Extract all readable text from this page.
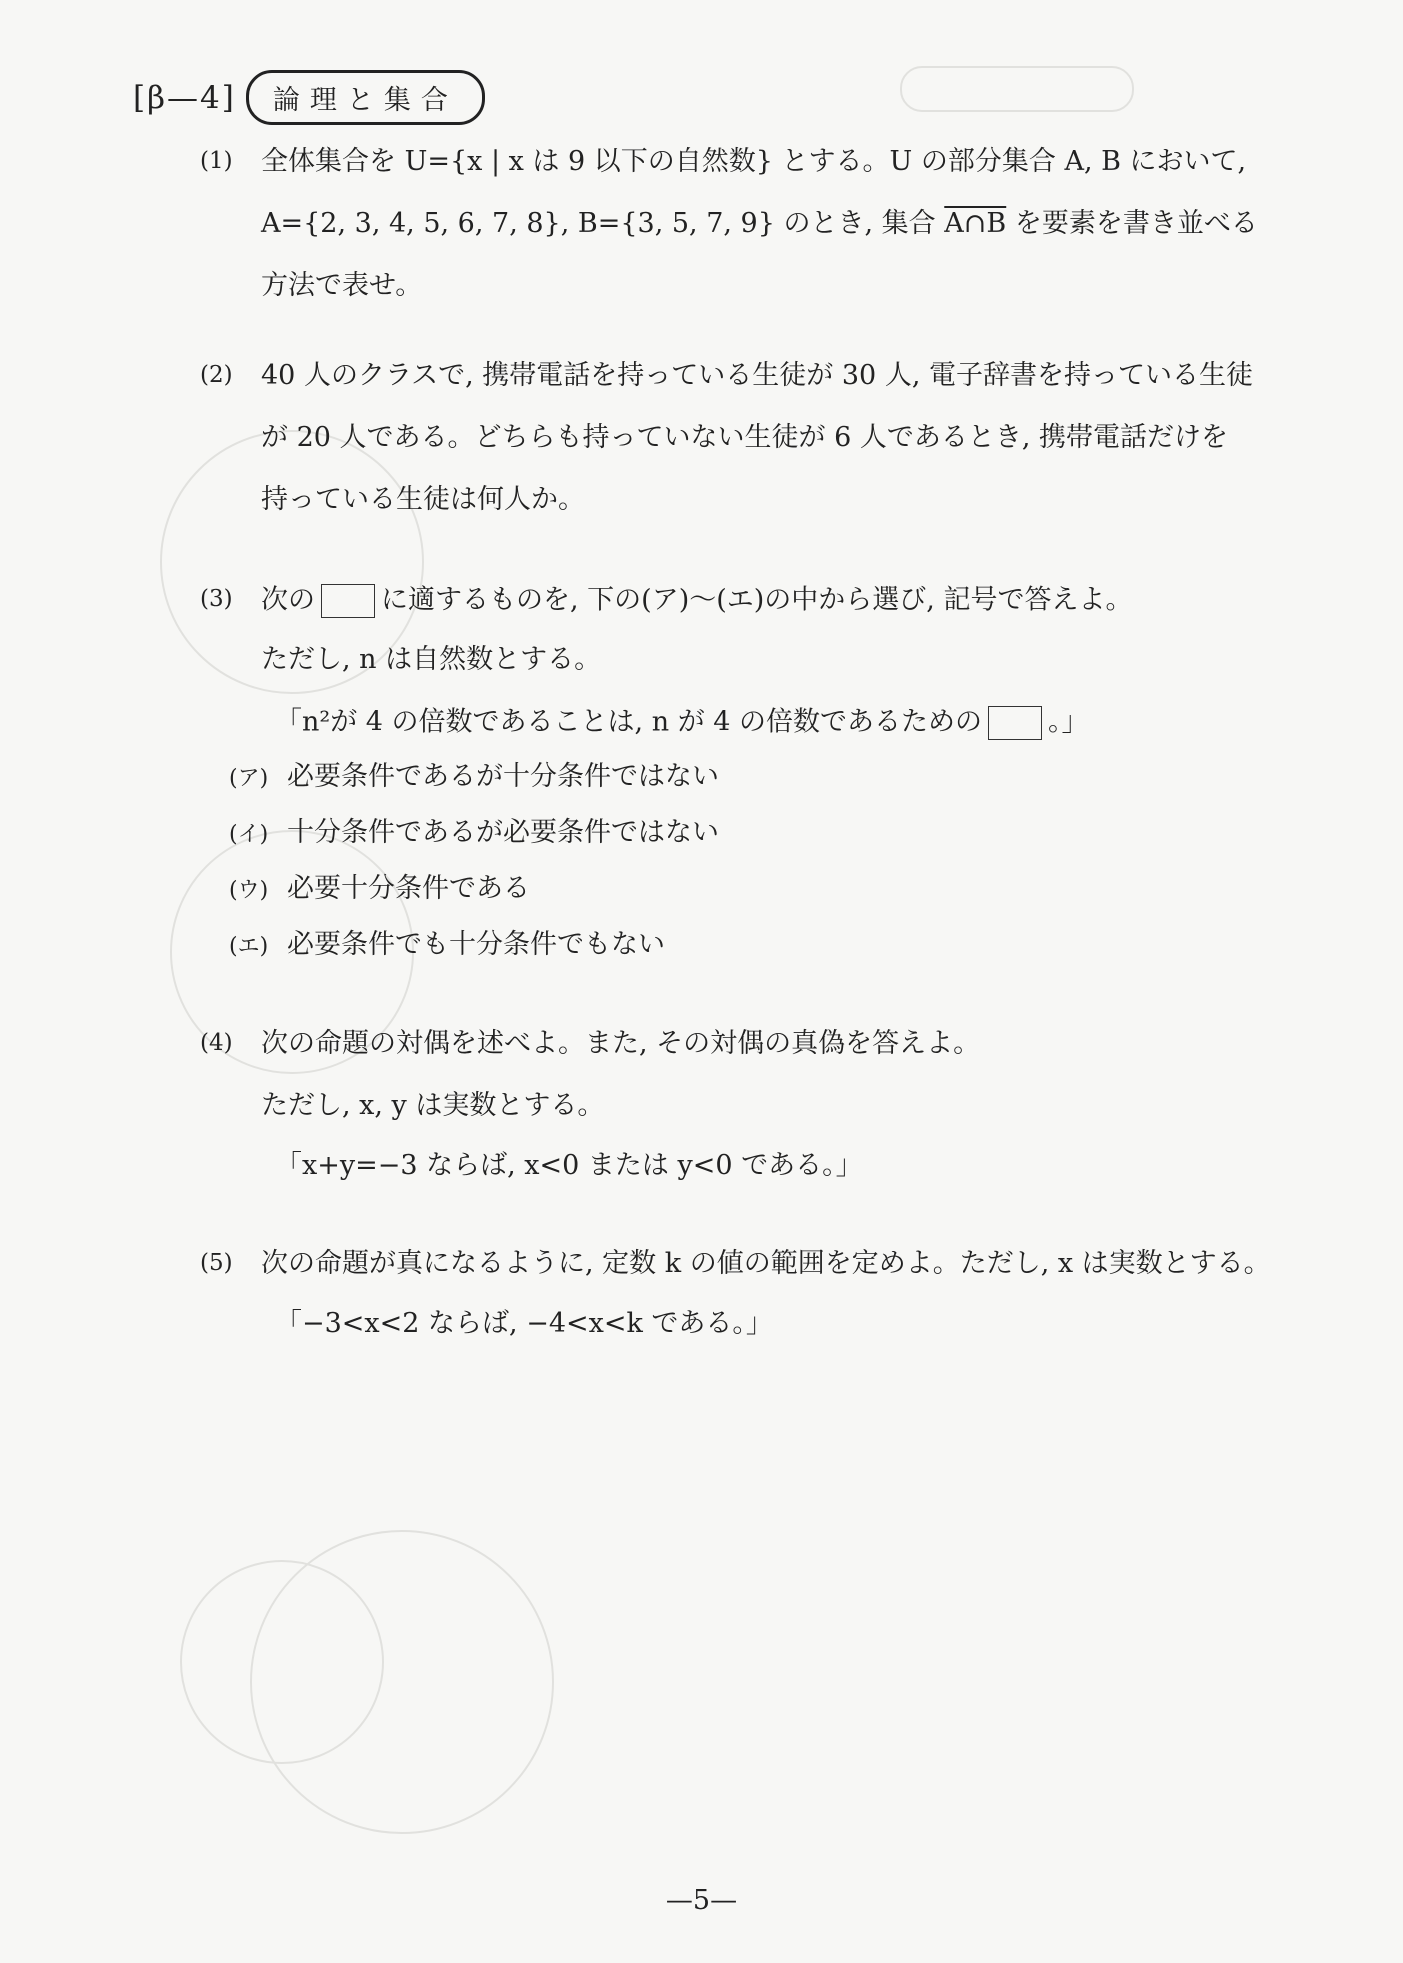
[β—4]	論理と集合
(1)	全体集合を U={x | x は 9 以下の自然数} とする。U の部分集合 A, B において,
A={2, 3, 4, 5, 6, 7, 8}, B={3, 5, 7, 9} のとき, 集合 A∩B を要素を書き並べる
方法で表せ。
(2)	40 人のクラスで, 携帯電話を持っている生徒が 30 人, 電子辞書を持っている生徒
が 20 人である。どちらも持っていない生徒が 6 人であるとき, 携帯電話だけを
持っている生徒は何人か。
(3)	次の に適するものを, 下の(ア)〜(エ)の中から選び, 記号で答えよ。
ただし, n は自然数とする。
「n²が 4 の倍数であることは, n が 4 の倍数であるための 。」
(ア) 必要条件であるが十分条件ではない
(イ) 十分条件であるが必要条件ではない
(ウ) 必要十分条件である
(エ) 必要条件でも十分条件でもない
(4)	次の命題の対偶を述べよ。また, その対偶の真偽を答えよ。
ただし, x, y は実数とする。
「x+y=−3 ならば, x<0 または y<0 である。」
(5)	次の命題が真になるように, 定数 k の値の範囲を定めよ。ただし, x は実数とする。
「−3<x<2 ならば, −4<x<k である。」
—5—
